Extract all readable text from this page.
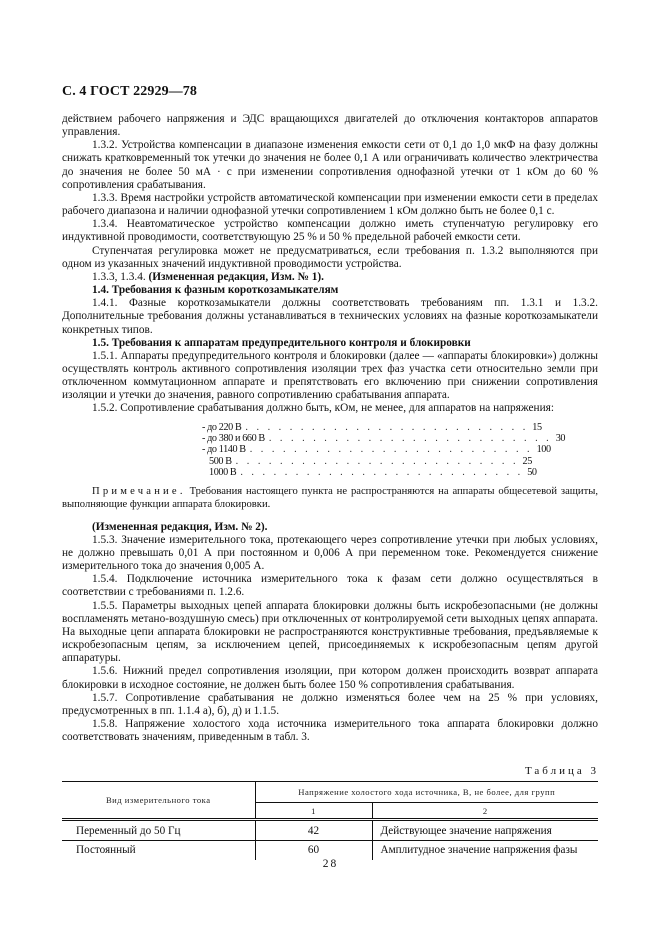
С. 4 ГОСТ 22929—78

действием рабочего напряжения и ЭДС вращающихся двигателей до отключения контакторов аппаратов управления.

1.3.2. Устройства компенсации в диапазоне изменения емкости сети от 0,1 до 1,0 мкФ на фазу должны снижать кратковременный ток утечки до значения не более 0,1 А или ограничивать количество электричества до значения не более 50 мА · с при изменении сопротивления однофазной утечки от 1 кОм до 60 % сопротивления срабатывания.

1.3.3. Время настройки устройств автоматической компенсации при изменении емкости сети в пределах рабочего диапазона и наличии однофазной утечки сопротивлением 1 кОм должно быть не более 0,1 с.

1.3.4. Неавтоматическое устройство компенсации должно иметь ступенчатую регулировку его индуктивной проводимости, соответствующую 25 % и 50 % предельной рабочей емкости сети.

Ступенчатая регулировка может не предусматриваться, если требования п. 1.3.2 выполняются при одном из указанных значений индуктивной проводимости устройства.

1.3.3, 1.3.4. (Измененная редакция, Изм. № 1).

1.4. Требования к фазным короткозамыкателям

1.4.1. Фазные короткозамыкатели должны соответствовать требованиям пп. 1.3.1 и 1.3.2. Дополнительные требования должны устанавливаться в технических условиях на фазные короткозамыкатели конкретных типов.

1.5. Требования к аппаратам предупредительного контроля и блокировки

1.5.1. Аппараты предупредительного контроля и блокировки (далее — «аппараты блокировки») должны осуществлять контроль активного сопротивления изоляции трех фаз участка сети относительно земли при отключенном коммутационном аппарате и препятствовать его включению при снижении сопротивления изоляции и утечки до значения, равного сопротивлению срабатывания аппарата.

1.5.2. Сопротивление срабатывания должно быть, кОм, не менее, для аппаратов на напряжения:

- до 220 В . . . . . . . . . . . . . . . . . . . . . . . . . . 15
- до 380 и 660 В . . . . . . . . . . . . . . . . . . . . . . . . . . 30
- до 1140 В . . . . . . . . . . . . . . . . . . . . . . . . . . 100
500 В . . . . . . . . . . . . . . . . . . . . . . . . . . 25
1000 В . . . . . . . . . . . . . . . . . . . . . . . . . . 50

Примечание. Требования настоящего пункта не распространяются на аппараты общесетевой защиты, выполняющие функции аппарата блокировки.

(Измененная редакция, Изм. № 2).

1.5.3. Значение измерительного тока, протекающего через сопротивление утечки при любых условиях, не должно превышать 0,01 А при постоянном и 0,006 А при переменном токе. Рекомендуется снижение измерительного тока до значения 0,005 А.

1.5.4. Подключение источника измерительного тока к фазам сети должно осуществляться в соответствии с требованиями п. 1.2.6.

1.5.5. Параметры выходных цепей аппарата блокировки должны быть искробезопасными (не должны воспламенять метано-воздушную смесь) при отключенных от контролируемой сети выходных цепях аппарата. На выходные цепи аппарата блокировки не распространяются конструктивные требования, предъявляемые к искробезопасным цепям, за исключением цепей, присоединяемых к искробезопасным цепям другой аппаратуры.

1.5.6. Нижний предел сопротивления изоляции, при котором должен происходить возврат аппарата блокировки в исходное состояние, не должен быть более 150 % сопротивления срабатывания.

1.5.7. Сопротивление срабатывания не должно изменяться более чем на 25 % при условиях, предусмотренных в пп. 1.1.4 а), б), д) и 1.1.5.

1.5.8. Напряжение холостого хода источника измерительного тока аппарата блокировки должно соответствовать значениям, приведенным в табл. 3.

Таблица 3
Вид измерительного тока	Напряжение холостого хода источника, В, не более, для групп	
	1	2
Переменный до 50 Гц	42	Действующее значение напряжения
Постоянный	60	Амплитудное значение напряжения фазы
28
